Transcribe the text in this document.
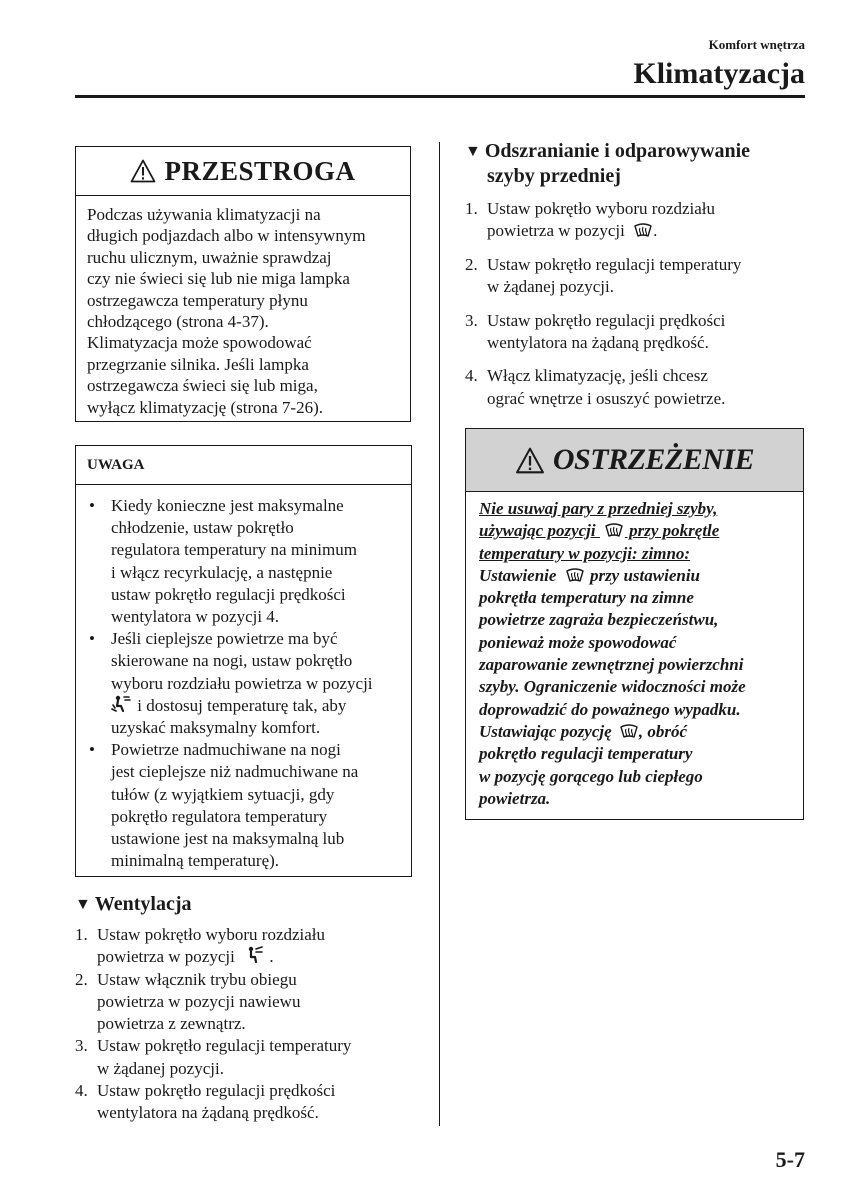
Komfort wnętrza
Klimatyzacja
PRZESTROGA
Podczas używania klimatyzacji na
długich podjazdach albo w intensywnym
ruchu ulicznym, uważnie sprawdzaj
czy nie świeci się lub nie miga lampka
ostrzegawcza temperatury płynu
chłodzącego (strona 4-37).
Klimatyzacja może spowodować
przegrzanie silnika. Jeśli lampka
ostrzegawcza świeci się lub miga,
wyłącz klimatyzację (strona 7-26).
UWAGA
• Kiedy konieczne jest maksymalne
chłodzenie, ustaw pokrętło
regulatora temperatury na minimum
i włącz recyrkulację, a następnie
ustaw pokrętło regulacji prędkości
wentylatora w pozycji 4.
• Jeśli cieplejsze powietrze ma być
skierowane na nogi, ustaw pokrętło
wyboru rozdziału powietrza w pozycji
i dostosuj temperaturę tak, aby
uzyskać maksymalny komfort.
• Powietrze nadmuchiwane na nogi
jest cieplejsze niż nadmuchiwane na
tułów (z wyjątkiem sytuacji, gdy
pokrętło regulatora temperatury
ustawione jest na maksymalną lub
minimalną temperaturę).
▼ Wentylacja
1. Ustaw pokrętło wyboru rozdziału
powietrza w pozycji  .
2. Ustaw włącznik trybu obiegu
powietrza w pozycji nawiewu
powietrza z zewnątrz.
3. Ustaw pokrętło regulacji temperatury
w żądanej pozycji.
4. Ustaw pokrętło regulacji prędkości
wentylatora na żądaną prędkość.
▼ Odszranianie i odparowywanie
szyby przedniej
1. Ustaw pokrętło wyboru rozdziału
powietrza w pozycji .
2. Ustaw pokrętło regulacji temperatury
w żądanej pozycji.
3. Ustaw pokrętło regulacji prędkości
wentylatora na żądaną prędkość.
4. Włącz klimatyzację, jeśli chcesz
ograć wnętrze i osuszyć powietrze.
OSTRZEŻENIE
Nie usuwaj pary z przedniej szyby,
używając pozycji  przy pokrętle
temperatury w pozycji: zimno:
Ustawienie  przy ustawieniu
pokrętła temperatury na zimne
powietrze zagraża bezpieczeństwu,
ponieważ może spowodować
zaparowanie zewnętrznej powierzchni
szyby. Ograniczenie widoczności może
doprowadzić do poważnego wypadku.
Ustawiając pozycję , obróć
pokrętło regulacji temperatury
w pozycję gorącego lub ciepłego
powietrza.
5-7
